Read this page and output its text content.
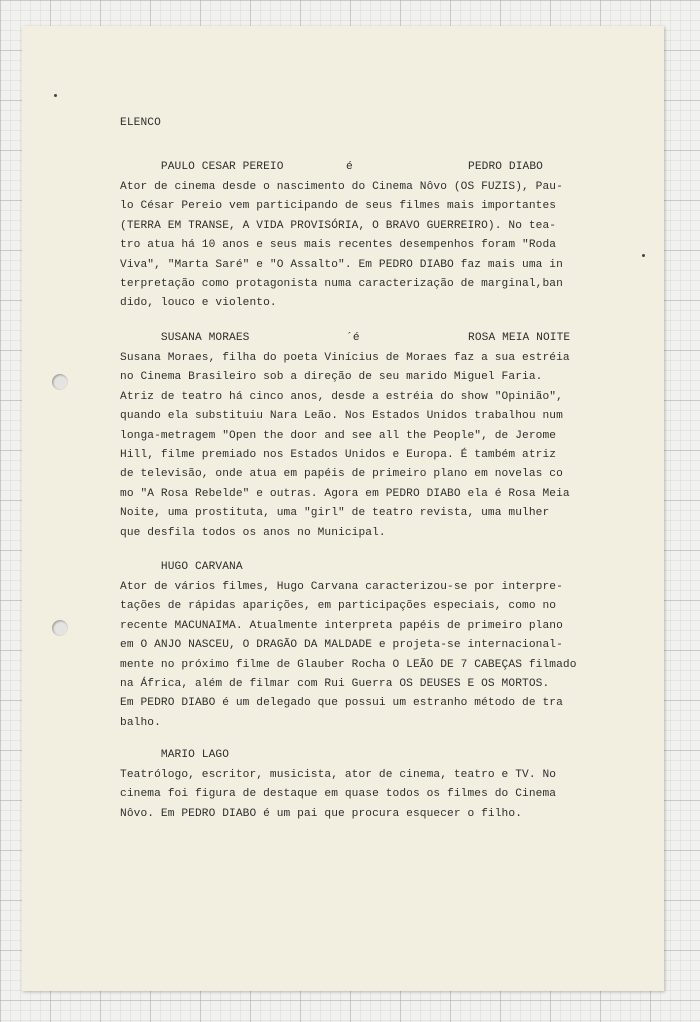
ELENCO

PAULO CESAR PEREIO

	é

	PEDRO DIABO

Ator de cinema desde o nascimento do Cinema Nôvo (OS FUZIS), Pau-

lo César Pereio vem participando de seus filmes mais importantes

(TERRA EM TRANSE, A VIDA PROVISÓRIA, O BRAVO GUERREIRO). No tea-

tro atua há 10 anos e seus mais recentes desempenhos foram "Roda

Viva", "Marta Saré" e "O Assalto". Em PEDRO DIABO faz mais uma in

terpretação como protagonista numa caracterização de marginal,ban

dido, louco e violento.

SUSANA MORAES

	´é

	ROSA MEIA NOITE

Susana Moraes, filha do poeta Vinícius de Moraes faz a sua estréia

no Cinema Brasileiro sob a direção de seu marido Miguel Faria.

Atriz de teatro há cinco anos, desde a estréia do show "Opinião",

quando ela substituiu Nara Leão. Nos Estados Unidos trabalhou num

longa-metragem "Open the door and see all the People", de Jerome

Hill, filme premiado nos Estados Unidos e Europa. É também atriz

de televisão, onde atua em papéis de primeiro plano em novelas co

mo "A Rosa Rebelde" e outras. Agora em PEDRO DIABO ela é Rosa Meia

Noite, uma prostituta, uma "girl" de teatro revista, uma mulher

que desfila todos os anos no Municipal.

HUGO CARVANA

Ator de vários filmes, Hugo Carvana caracterizou-se por interpre-

tações de rápidas aparições, em participações especiais, como no

recente MACUNAIMA. Atualmente interpreta papéis de primeiro plano

em O ANJO NASCEU, O DRAGÃO DA MALDADE e projeta-se internacional-

mente no próximo filme de Glauber Rocha O LEÃO DE 7 CABEÇAS filmado

na África, além de filmar com Rui Guerra OS DEUSES E OS MORTOS.

Em PEDRO DIABO é um delegado que possui um estranho método de tra

balho.

MARIO LAGO

Teatrólogo, escritor, musicista, ator de cinema, teatro e TV. No

cinema foi figura de destaque em quase todos os filmes do Cinema

Nôvo. Em PEDRO DIABO é um pai que procura esquecer o filho.
